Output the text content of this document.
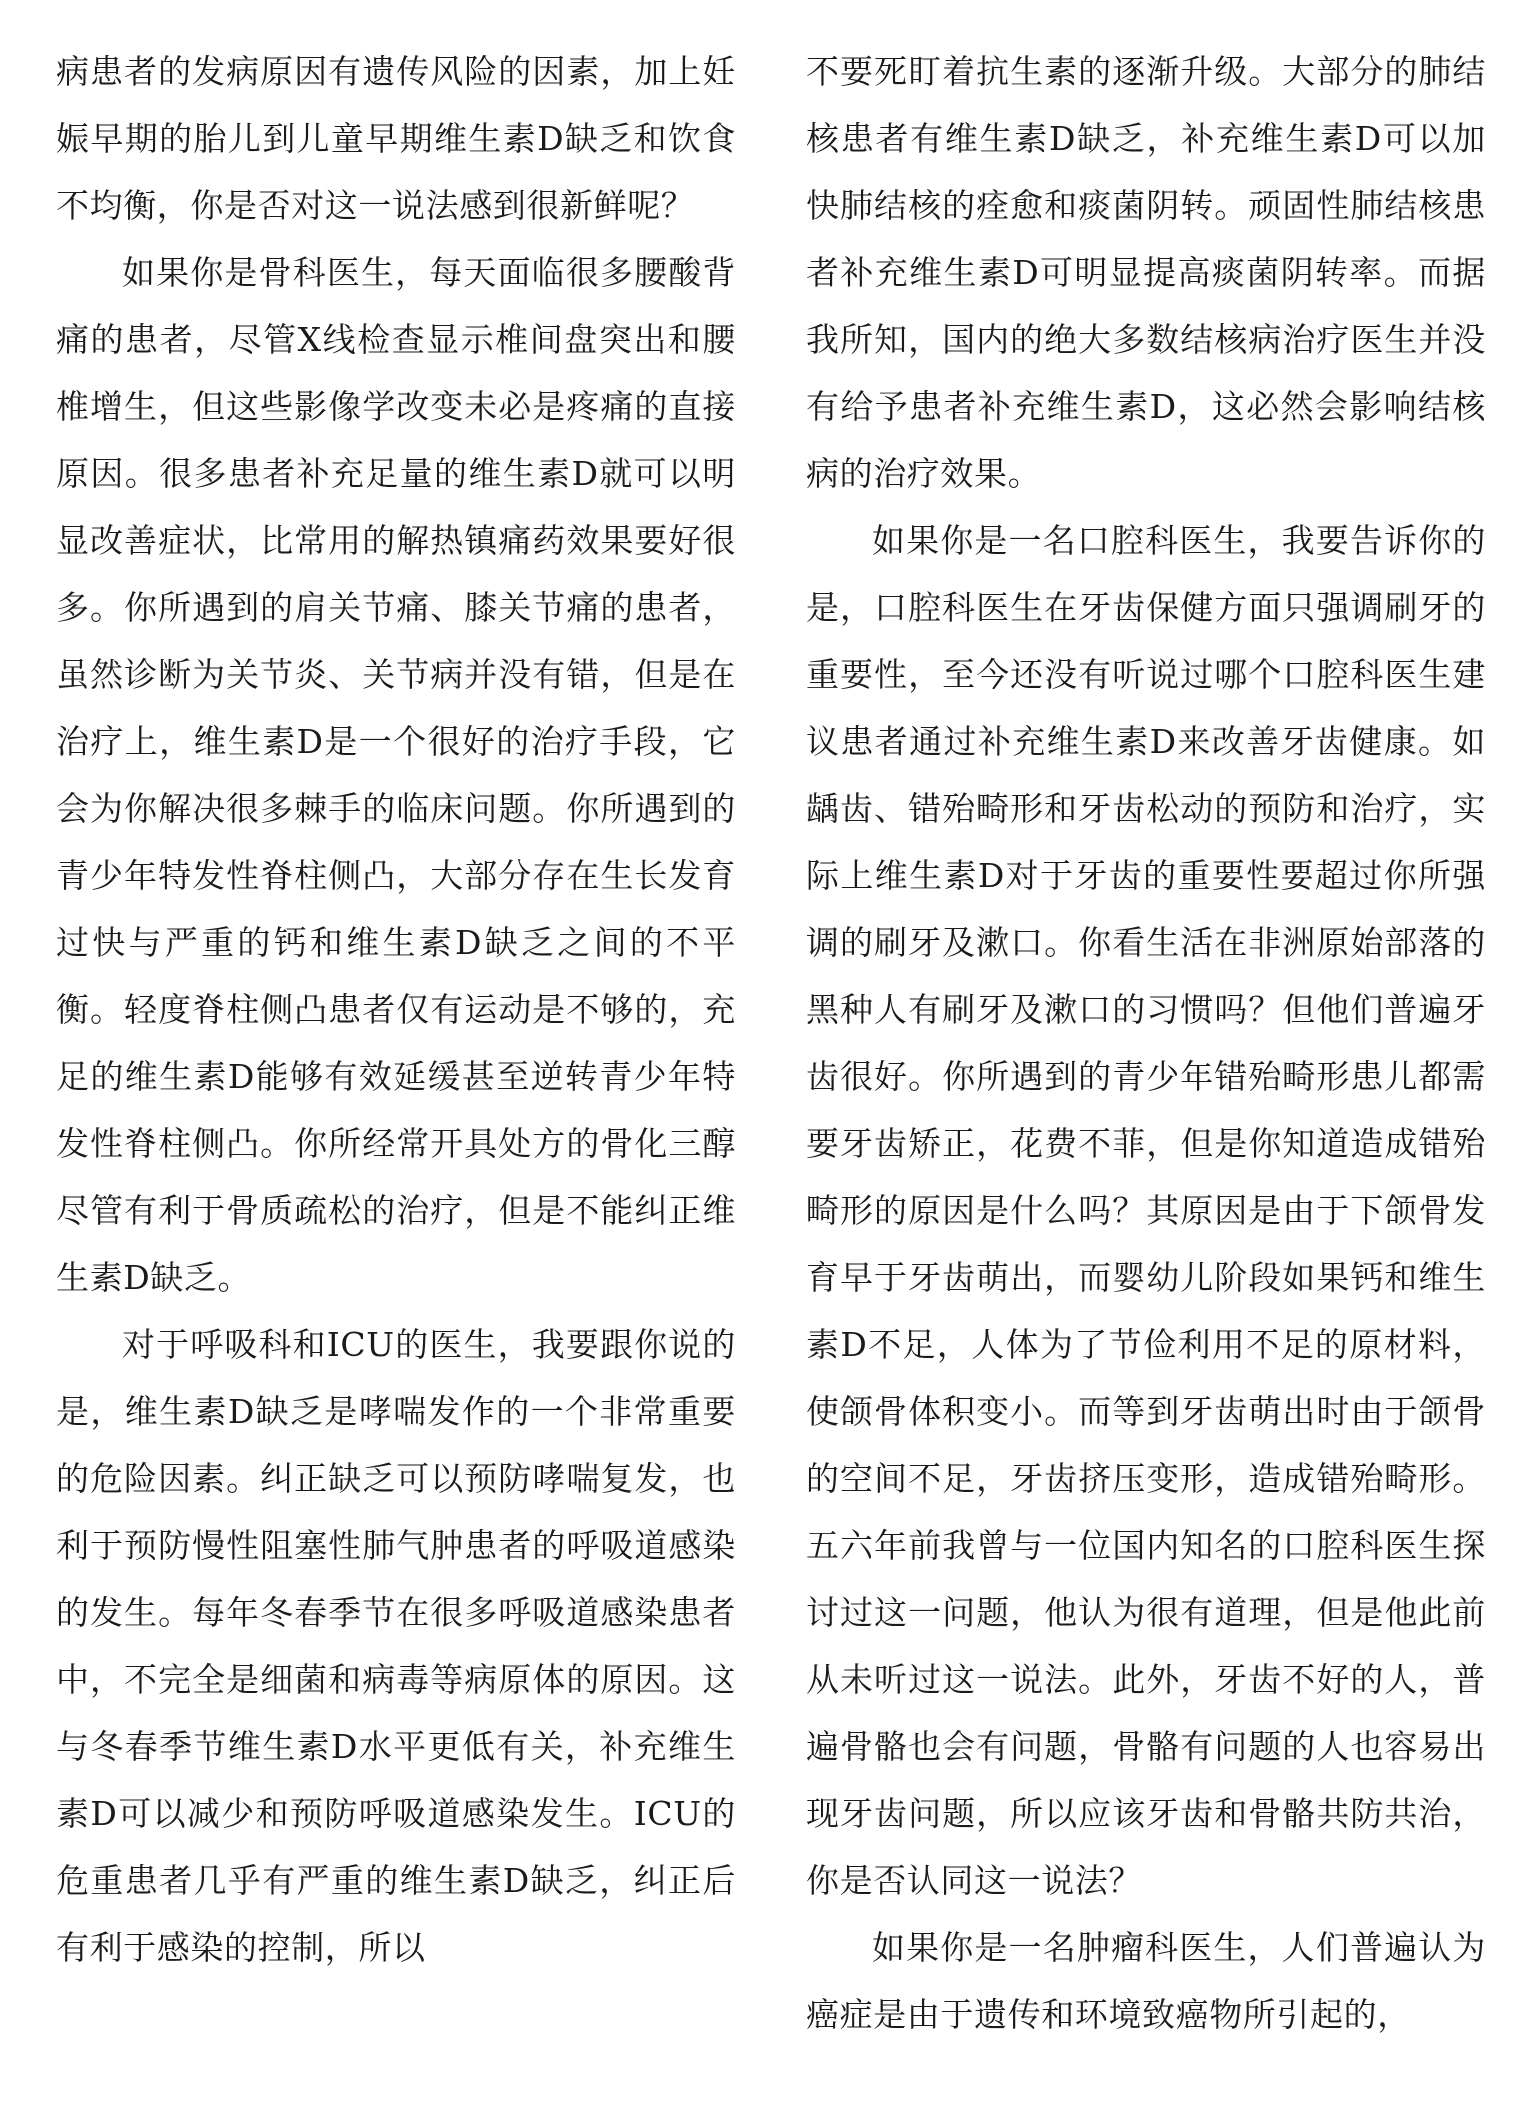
病患者的发病原因有遗传风险的因素，加上妊娠早期的胎儿到儿童早期维生素D缺乏和饮食不均衡，你是否对这一说法感到很新鲜呢？

如果你是骨科医生，每天面临很多腰酸背痛的患者，尽管X线检查显示椎间盘突出和腰椎增生，但这些影像学改变未必是疼痛的直接原因。很多患者补充足量的维生素D就可以明显改善症状，比常用的解热镇痛药效果要好很多。你所遇到的肩关节痛、膝关节痛的患者，虽然诊断为关节炎、关节病并没有错，但是在治疗上，维生素D是一个很好的治疗手段，它会为你解决很多棘手的临床问题。你所遇到的青少年特发性脊柱侧凸，大部分存在生长发育过快与严重的钙和维生素D缺乏之间的不平衡。轻度脊柱侧凸患者仅有运动是不够的，充足的维生素D能够有效延缓甚至逆转青少年特发性脊柱侧凸。你所经常开具处方的骨化三醇尽管有利于骨质疏松的治疗，但是不能纠正维生素D缺乏。

对于呼吸科和ICU的医生，我要跟你说的是，维生素D缺乏是哮喘发作的一个非常重要的危险因素。纠正缺乏可以预防哮喘复发，也利于预防慢性阻塞性肺气肿患者的呼吸道感染的发生。每年冬春季节在很多呼吸道感染患者中，不完全是细菌和病毒等病原体的原因。这与冬春季节维生素D水平更低有关，补充维生素D可以减少和预防呼吸道感染发生。ICU的危重患者几乎有严重的维生素D缺乏，纠正后有利于感染的控制，所以

不要死盯着抗生素的逐渐升级。大部分的肺结核患者有维生素D缺乏，补充维生素D可以加快肺结核的痊愈和痰菌阴转。顽固性肺结核患者补充维生素D可明显提高痰菌阴转率。而据我所知，国内的绝大多数结核病治疗医生并没有给予患者补充维生素D，这必然会影响结核病的治疗效果。

如果你是一名口腔科医生，我要告诉你的是，口腔科医生在牙齿保健方面只强调刷牙的重要性，至今还没有听说过哪个口腔科医生建议患者通过补充维生素D来改善牙齿健康。如龋齿、错殆畸形和牙齿松动的预防和治疗，实际上维生素D对于牙齿的重要性要超过你所强调的刷牙及漱口。你看生活在非洲原始部落的黑种人有刷牙及漱口的习惯吗？但他们普遍牙齿很好。你所遇到的青少年错殆畸形患儿都需要牙齿矫正，花费不菲，但是你知道造成错殆畸形的原因是什么吗？其原因是由于下颌骨发育早于牙齿萌出，而婴幼儿阶段如果钙和维生素D不足，人体为了节俭利用不足的原材料，使颌骨体积变小。而等到牙齿萌出时由于颌骨的空间不足，牙齿挤压变形，造成错殆畸形。五六年前我曾与一位国内知名的口腔科医生探讨过这一问题，他认为很有道理，但是他此前从未听过这一说法。此外，牙齿不好的人，普遍骨骼也会有问题，骨骼有问题的人也容易出现牙齿问题，所以应该牙齿和骨骼共防共治，你是否认同这一说法？

如果你是一名肿瘤科医生，人们普遍认为癌症是由于遗传和环境致癌物所引起的，
